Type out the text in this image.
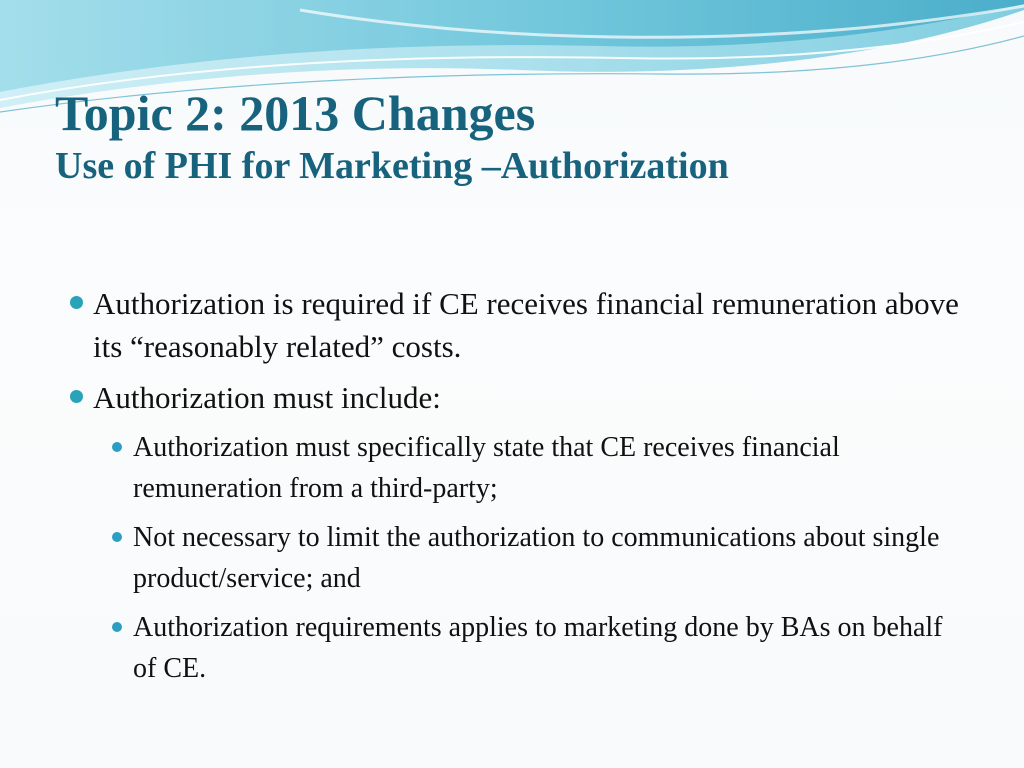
Topic 2: 2013 Changes
Use of PHI for Marketing –Authorization
Authorization is required if CE receives financial remuneration above its “reasonably related” costs.
Authorization must include:
Authorization must specifically state that CE receives financial remuneration from a third-party;
Not necessary to limit the authorization to communications about single product/service; and
Authorization requirements applies to marketing done by BAs on behalf of CE.
